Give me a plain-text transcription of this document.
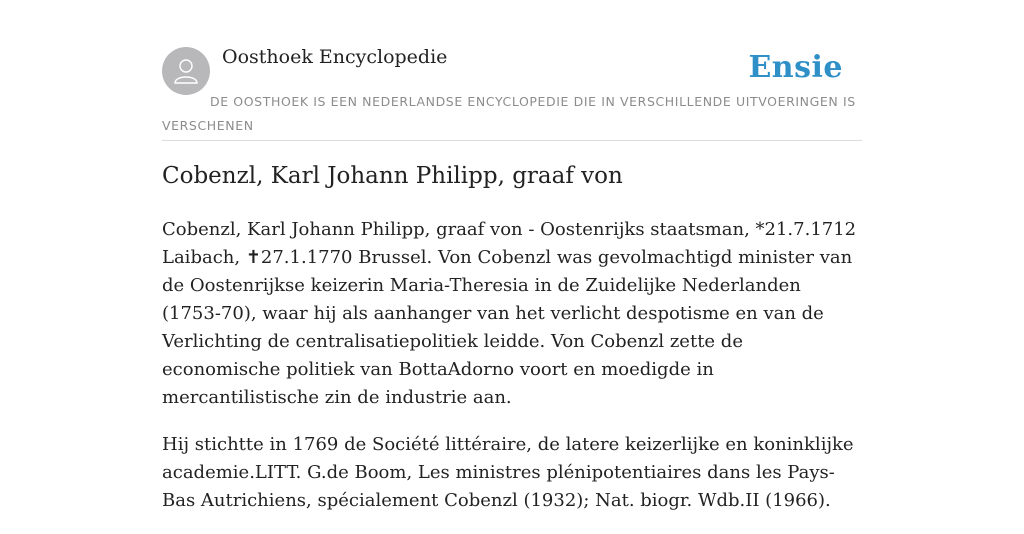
Oosthoek Encyclopedie	Ensie
DE OOSTHOEK IS EEN NEDERLANDSE ENCYCLOPEDIE DIE IN VERSCHILLENDE UITVOERINGEN IS VERSCHENEN
Cobenzl, Karl Johann Philipp, graaf von

Cobenzl, Karl Johann Philipp, graaf von - Oostenrijks staatsman, *21.7.1712 Laibach, ✝27.1.1770 Brussel. Von Cobenzl was gevolmachtigd minister van de Oostenrijkse keizerin Maria-Theresia in de Zuidelijke Nederlanden (1753-70), waar hij als aanhanger van het verlicht despotisme en van de Verlichting de centralisatiepolitiek leidde. Von Cobenzl zette de economische politiek van BottaAdorno voort en moedigde in mercantilistische zin de industrie aan.

Hij stichtte in 1769 de Société littéraire, de latere keizerlijke en koninklijke academie.LITT. G.de Boom, Les ministres plénipotentiaires dans les Pays-Bas Autrichiens, spécialement Cobenzl (1932); Nat. biogr. Wdb.II (1966).
